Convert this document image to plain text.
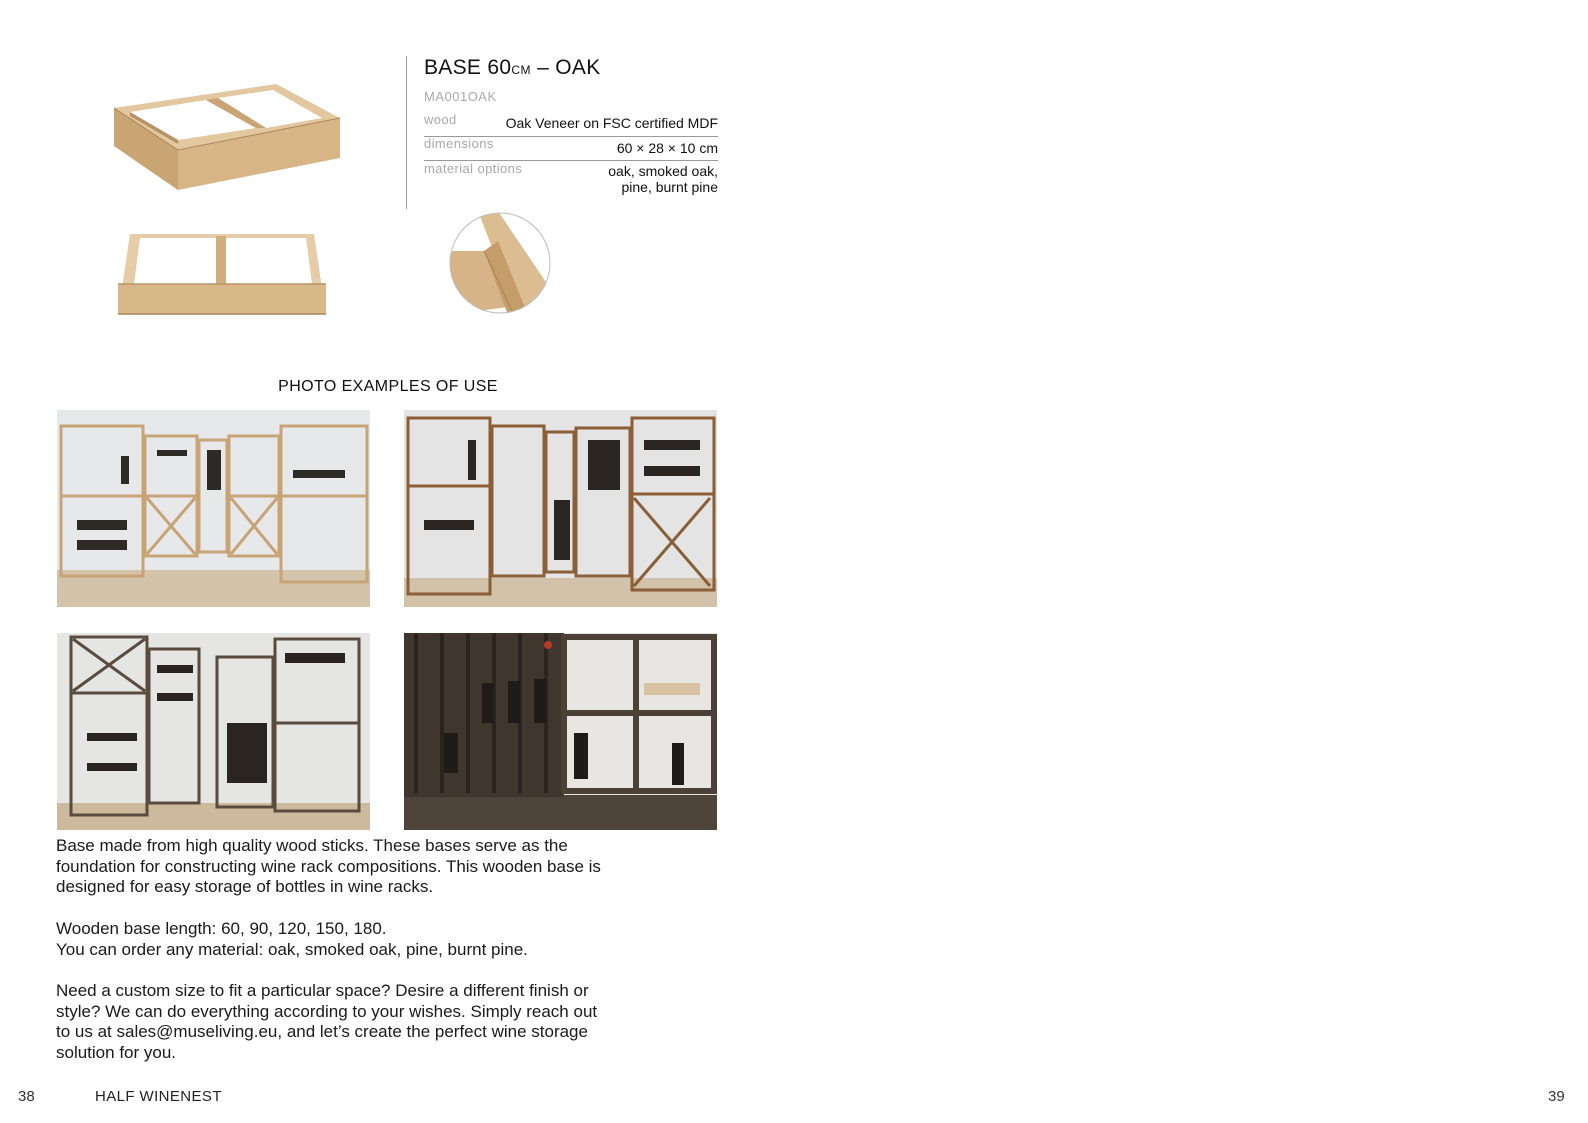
BASE 60CM – OAK
MA001OAK
wood	Oak Veneer on FSC certified MDF
dimensions	60 × 28 × 10 cm
material options	oak, smoked oak,
pine, burnt pine
PHOTO EXAMPLES OF USE

Base made from high quality wood sticks. These bases serve as the
foundation for constructing wine rack compositions. This wooden base is
designed for easy storage of bottles in wine racks.

Wooden base length: 60, 90, 120, 150, 180.
You can order any material: oak, smoked oak, pine, burnt pine.

Need a custom size to fit a particular space? Desire a different finish or
style? We can do everything according to your wishes. Simply reach out
to us at sales@museliving.eu, and let’s create the perfect wine storage
solution for you.

38	HALF WINENEST	39
